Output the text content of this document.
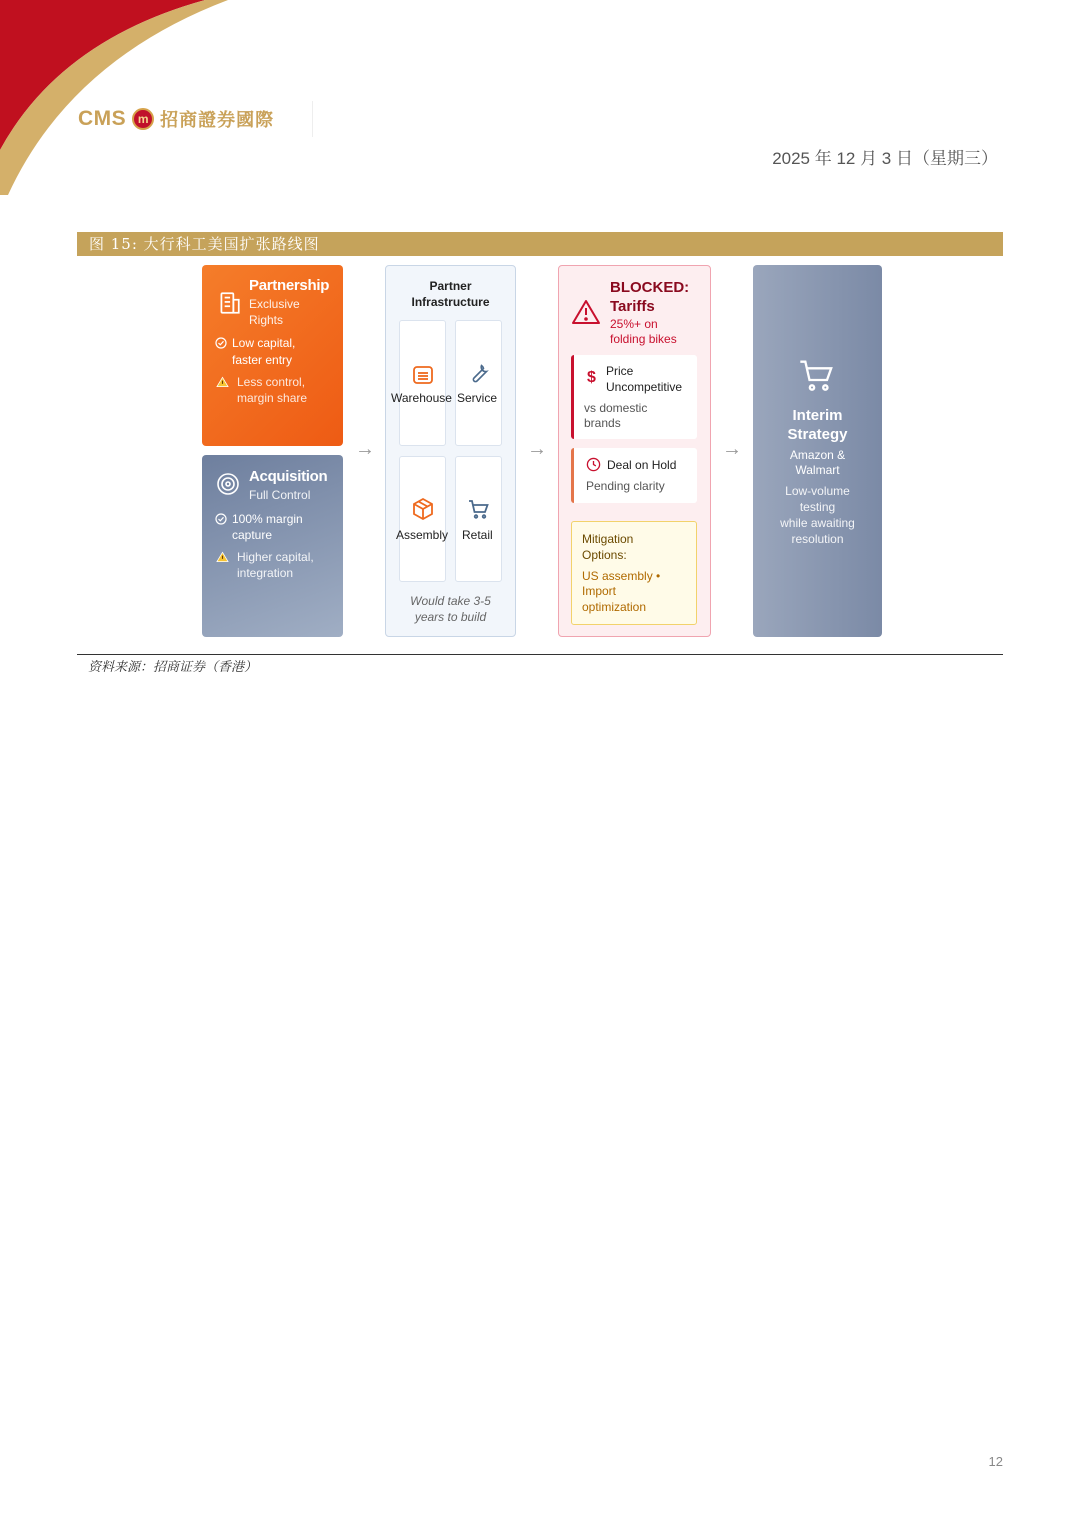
CMS m 招商證券國際
2025 年 12 月 3 日（星期三）
图 15: 大行科工美国扩张路线图
Partnership
Exclusive
Rights
Low capital,
faster entry
Less control,
margin share
Acquisition
Full Control
100% margin
capture
Higher capital,
integration
→
Partner
Infrastructure
Warehouse Service
Assembly Retail
Would take 3-5
years to build
→
BLOCKED:
Tariffs
25%+ on
folding bikes
$ Price
Uncompetitive
vs domestic
brands
Deal on Hold
Pending clarity
Mitigation
Options:
US assembly •
Import
optimization
→
Interim
Strategy
Amazon &
Walmart
Low-volume
testing
while awaiting
resolution
资料来源：招商证券（香港）
12
